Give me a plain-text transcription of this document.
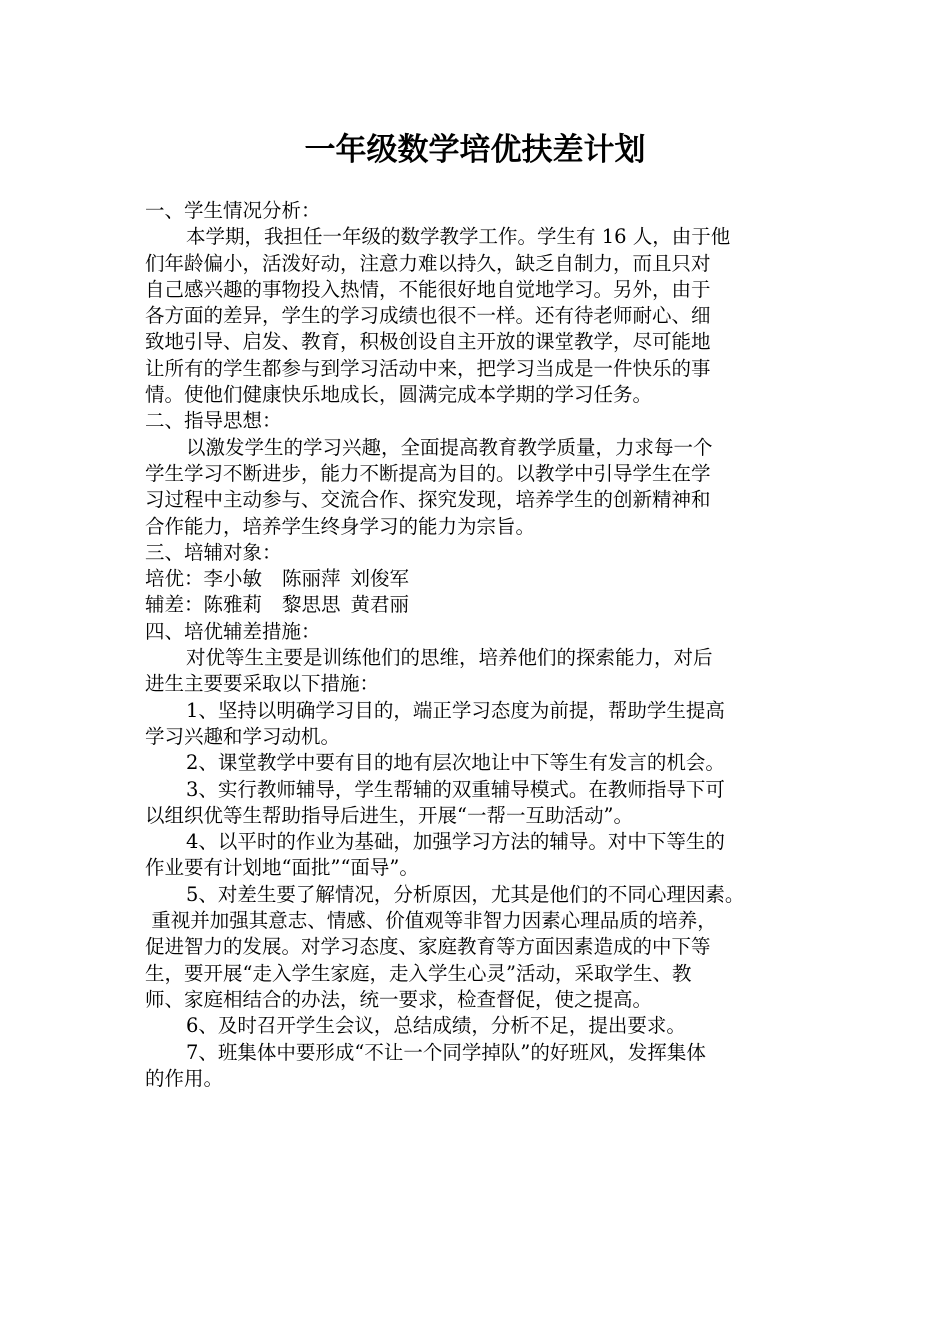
一年级数学培优扶差计划
一、学生情况分析：
本学期，我担任一年级的数学教学工作。学生有 16 人，由于他
们年龄偏小，活泼好动，注意力难以持久，缺乏自制力，而且只对
自己感兴趣的事物投入热情，不能很好地自觉地学习。另外，由于
各方面的差异，学生的学习成绩也很不一样。还有待老师耐心、细
致地引导、启发、教育，积极创设自主开放的课堂教学，尽可能地
让所有的学生都参与到学习活动中来，把学习当成是一件快乐的事
情。使他们健康快乐地成长，圆满完成本学期的学习任务。
二、指导思想：
以激发学生的学习兴趣，全面提高教育教学质量，力求每一个
学生学习不断进步，能力不断提高为目的。以教学中引导学生在学
习过程中主动参与、交流合作、探究发现，培养学生的创新精神和
合作能力，培养学生终身学习的能力为宗旨。
三、培辅对象：
培优：李小敏 陈丽萍 刘俊军
辅差：陈雅莉 黎思思 黄君丽
四、培优辅差措施：
对优等生主要是训练他们的思维，培养他们的探索能力，对后
进生主要要采取以下措施：
1、坚持以明确学习目的，端正学习态度为前提，帮助学生提高
学习兴趣和学习动机。
2、课堂教学中要有目的地有层次地让中下等生有发言的机会。
3、实行教师辅导，学生帮辅的双重辅导模式。在教师指导下可
以组织优等生帮助指导后进生，开展“一帮一互助活动”。
4、以平时的作业为基础，加强学习方法的辅导。对中下等生的
作业要有计划地“面批”“面导”。
5、对差生要了解情况，分析原因，尤其是他们的不同心理因素。
重视并加强其意志、情感、价值观等非智力因素心理品质的培养，
促进智力的发展。对学习态度、家庭教育等方面因素造成的中下等
生，要开展“走入学生家庭，走入学生心灵”活动，采取学生、教
师、家庭相结合的办法，统一要求，检查督促，使之提高。
6、及时召开学生会议，总结成绩，分析不足，提出要求。
7、班集体中要形成“不让一个同学掉队”的好班风，发挥集体
的作用。
